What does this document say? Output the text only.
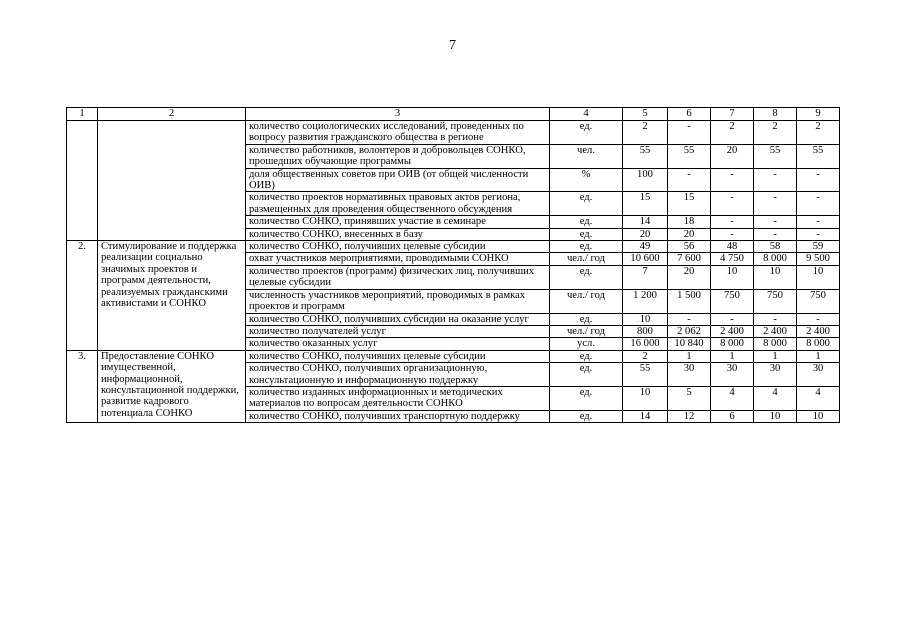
7
1	2	3	4	5	6	7	8	9
		количество социологических исследований, проведенных по вопросу развития гражданского общества в регионе	ед.	2	-	2	2	2
		количество работников, волонтеров и добровольцев СОНКО, прошедших обучающие программы	чел.	55	55	20	55	55
		доля общественных советов при ОИВ (от общей численности ОИВ)	%	100	-	-	-	-
		количество проектов нормативных правовых актов региона, размещенных для проведения общественного обсуждения	ед.	15	15	-	-	-
		количество СОНКО, принявших участие в семинаре	ед.	14	18	-	-	-
		количество СОНКО, внесенных в базу	ед.	20	20	-	-	-
2.	Стимулирование и поддержка реализации социально значимых проектов и программ деятельности, реализуемых гражданскими активистами и СОНКО	количество СОНКО, получивших целевые субсидии	ед.	49	56	48	58	59
		охват участников мероприятиями, проводимыми СОНКО	чел./ год	10 600	7 600	4 750	8 000	9 500
		количество проектов (программ) физических лиц, получивших целевые субсидии	ед.	7	20	10	10	10
		численность участников мероприятий, проводимых в рамках проектов и программ	чел./ год	1 200	1 500	750	750	750
		количество СОНКО, получивших субсидии на оказание услуг	ед.	10	-	-	-	-
		количество получателей услуг	чел./ год	800	2 062	2 400	2 400	2 400
		количество оказанных услуг	усл.	16 000	10 840	8 000	8 000	8 000
3.	Предоставление СОНКО имущественной, информационной, консультационной поддержки, развитие кадрового потенциала СОНКО	количество СОНКО, получивших целевые субсидии	ед.	2	1	1	1	1
		количество СОНКО, получивших организационную, консультационную и информационную поддержку	ед.	55	30	30	30	30
		количество изданных информационных и методических материалов по вопросам деятельности СОНКО	ед.	10	5	4	4	4
		количество СОНКО, получивших транспортную поддержку	ед.	14	12	6	10	10
